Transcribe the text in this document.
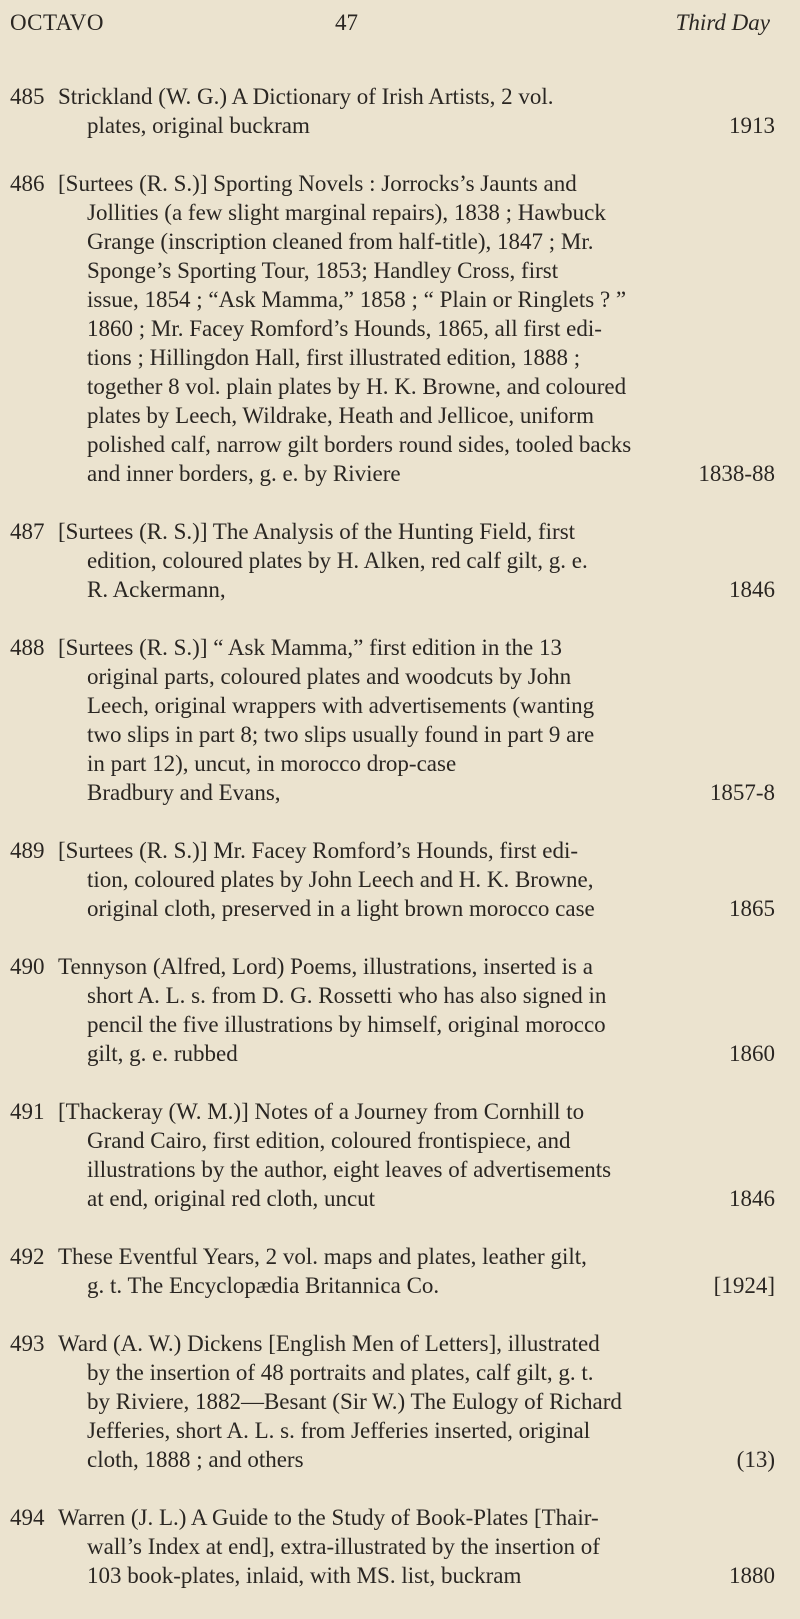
OCTAVO	47	Third Day
485 Strickland (W. G.) A Dictionary of Irish Artists, 2 vol.
1913
plates, original buckram
486 [Surtees (R. S.)] Sporting Novels : Jorrocks’s Jaunts and
Jollities (a few slight marginal repairs), 1838 ; Hawbuck
Grange (inscription cleaned from half-title), 1847 ; Mr.
Sponge’s Sporting Tour, 1853; Handley Cross, first
issue, 1854 ; “Ask Mamma,” 1858 ; “ Plain or Ringlets ? ”
1860 ; Mr. Facey Romford’s Hounds, 1865, all first edi-
tions ; Hillingdon Hall, first illustrated edition, 1888 ;
together 8 vol. plain plates by H. K. Browne, and coloured
plates by Leech, Wildrake, Heath and Jellicoe, uniform
polished calf, narrow gilt borders round sides, tooled backs
1838-88
and inner borders, g. e. by Riviere
487 [Surtees (R. S.)] The Analysis of the Hunting Field, first
edition, coloured plates by H. Alken, red calf gilt, g. e.
1846
R. Ackermann,
488 [Surtees (R. S.)] “ Ask Mamma,” first edition in the 13
original parts, coloured plates and woodcuts by John
Leech, original wrappers with advertisements (wanting
two slips in part 8; two slips usually found in part 9 are
in part 12), uncut, in morocco drop-case
1857-8
Bradbury and Evans,
489 [Surtees (R. S.)] Mr. Facey Romford’s Hounds, first edi-
tion, coloured plates by John Leech and H. K. Browne,
1865
original cloth, preserved in a light brown morocco case
490 Tennyson (Alfred, Lord) Poems, illustrations, inserted is a
short A. L. s. from D. G. Rossetti who has also signed in
pencil the five illustrations by himself, original morocco
1860
gilt, g. e. rubbed
491 [Thackeray (W. M.)] Notes of a Journey from Cornhill to
Grand Cairo, first edition, coloured frontispiece, and
illustrations by the author, eight leaves of advertisements
1846
at end, original red cloth, uncut
492 These Eventful Years, 2 vol. maps and plates, leather gilt,
[1924]
g. t. The Encyclopædia Britannica Co.
493 Ward (A. W.) Dickens [English Men of Letters], illustrated
by the insertion of 48 portraits and plates, calf gilt, g. t.
by Riviere, 1882—Besant (Sir W.) The Eulogy of Richard
Jefferies, short A. L. s. from Jefferies inserted, original
(13)
cloth, 1888 ; and others
494 Warren (J. L.) A Guide to the Study of Book-Plates [Thair-
wall’s Index at end], extra-illustrated by the insertion of
1880
103 book-plates, inlaid, with MS. list, buckram
